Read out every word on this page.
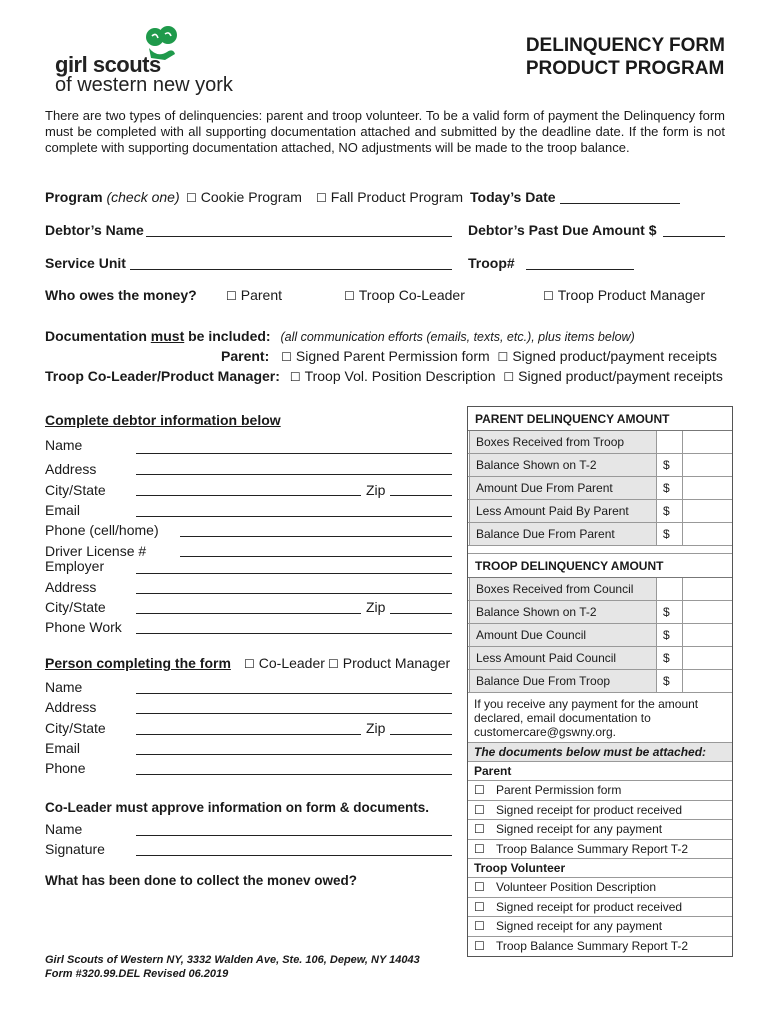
girl scouts
of western new york
DELINQUENCY FORM
PRODUCT PROGRAM
There are two types of delinquencies: parent and troop volunteer. To be a valid form of payment the Delinquency form must be completed with all supporting documentation attached and submitted by the deadline date. If the form is not complete with supporting documentation attached, NO adjustments will be made to the troop balance.
Program (check one) ☐ Cookie Program ☐ Fall Product Program Today’s Date
Debtor’s Name	Debtor’s Past Due Amount $
Service Unit	Troop#
Who owes the money? ☐ Parent	☐ Troop Co-Leader	☐ Troop Product Manager
Documentation must be included: (all communication efforts (emails, texts, etc.), plus items below)
Parent: ☐ Signed Parent Permission form ☐ Signed product/payment receipts
Troop Co-Leader/Product Manager: ☐ Troop Vol. Position Description ☐ Signed product/payment receipts
Complete debtor information below
Name
Address
City/State	Zip
Email
Phone (cell/home)
Driver License #
Employer
Address
City/State	Zip
Phone Work
Person completing the form ☐ Co-Leader ☐ Product Manager
Name
Address
City/State	Zip
Email
Phone
Co-Leader must approve information on form & documents.
Name
Signature
What has been done to collect the monev owed?
Girl Scouts of Western NY, 3332 Walden Ave, Ste. 106, Depew, NY 14043
Form #320.99.DEL Revised 06.2019
PARENT DELINQUENCY AMOUNT
Boxes Received from Troop
Balance Shown on T-2	$
Amount Due From Parent	$
Less Amount Paid By Parent	$
Balance Due From Parent	$
TROOP DELINQUENCY AMOUNT
Boxes Received from Council
Balance Shown on T-2	$
Amount Due Council	$
Less Amount Paid Council	$
Balance Due From Troop	$
If you receive any payment for the amount declared, email documentation to customercare@gswny.org.
The documents below must be attached:
Parent
☐ Parent Permission form
☐ Signed receipt for product received
☐ Signed receipt for any payment
☐ Troop Balance Summary Report T-2
Troop Volunteer
☐ Volunteer Position Description
☐ Signed receipt for product received
☐ Signed receipt for any payment
☐ Troop Balance Summary Report T-2
